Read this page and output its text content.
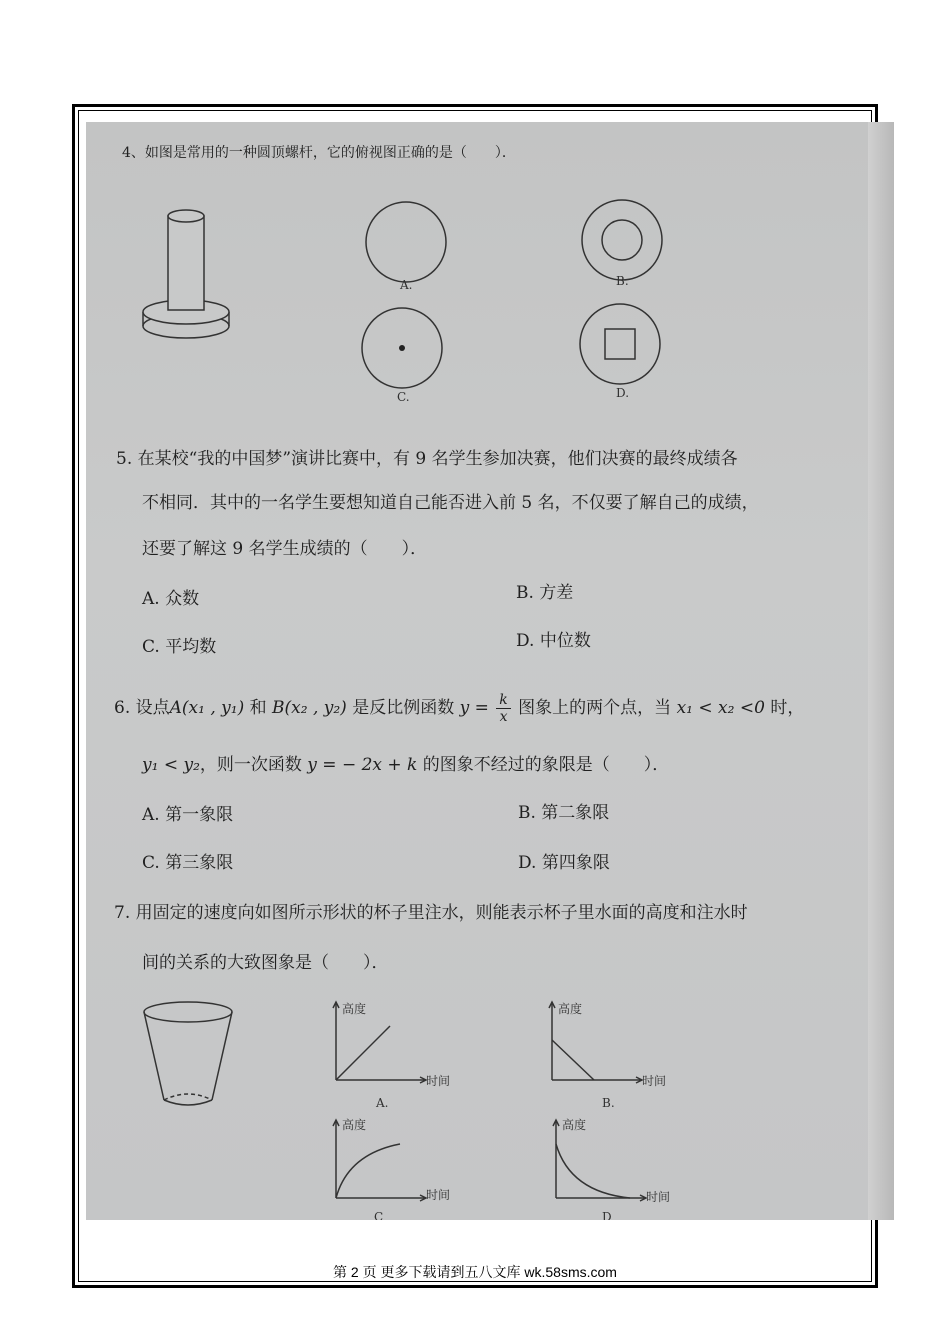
4、如图是常用的一种圆顶螺杆，它的俯视图正确的是（　　）．
A.	B.
C.	D.
5. 在某校“我的中国梦”演讲比赛中，有 9 名学生参加决赛，他们决赛的最终成绩各
不相同．其中的一名学生要想知道自己能否进入前 5 名，不仅要了解自己的成绩，
还要了解这 9 名学生成绩的（　　）．
A. 众数	B. 方差
C. 平均数	D. 中位数
6. 设点A(x₁ , y₁) 和 B(x₂ , y₂) 是反比例函数 $y = \frac{k}{x}$ 图象上的两个点，当 x₁ < x₂ <0 时，
y₁ < y₂，则一次函数 y = − 2x + k 的图象不经过的象限是（　　）．
A. 第一象限	B. 第二象限
C. 第三象限	D. 第四象限
7. 用固定的速度向如图所示形状的杯子里注水，则能表示杯子里水面的高度和注水时
间的关系的大致图象是（　　）．
高度
时间
A.
高度
时间
B.
高度
时间
C
高度
时间
D
第 2 页 更多下载请到五八文库 wk.58sms.com
